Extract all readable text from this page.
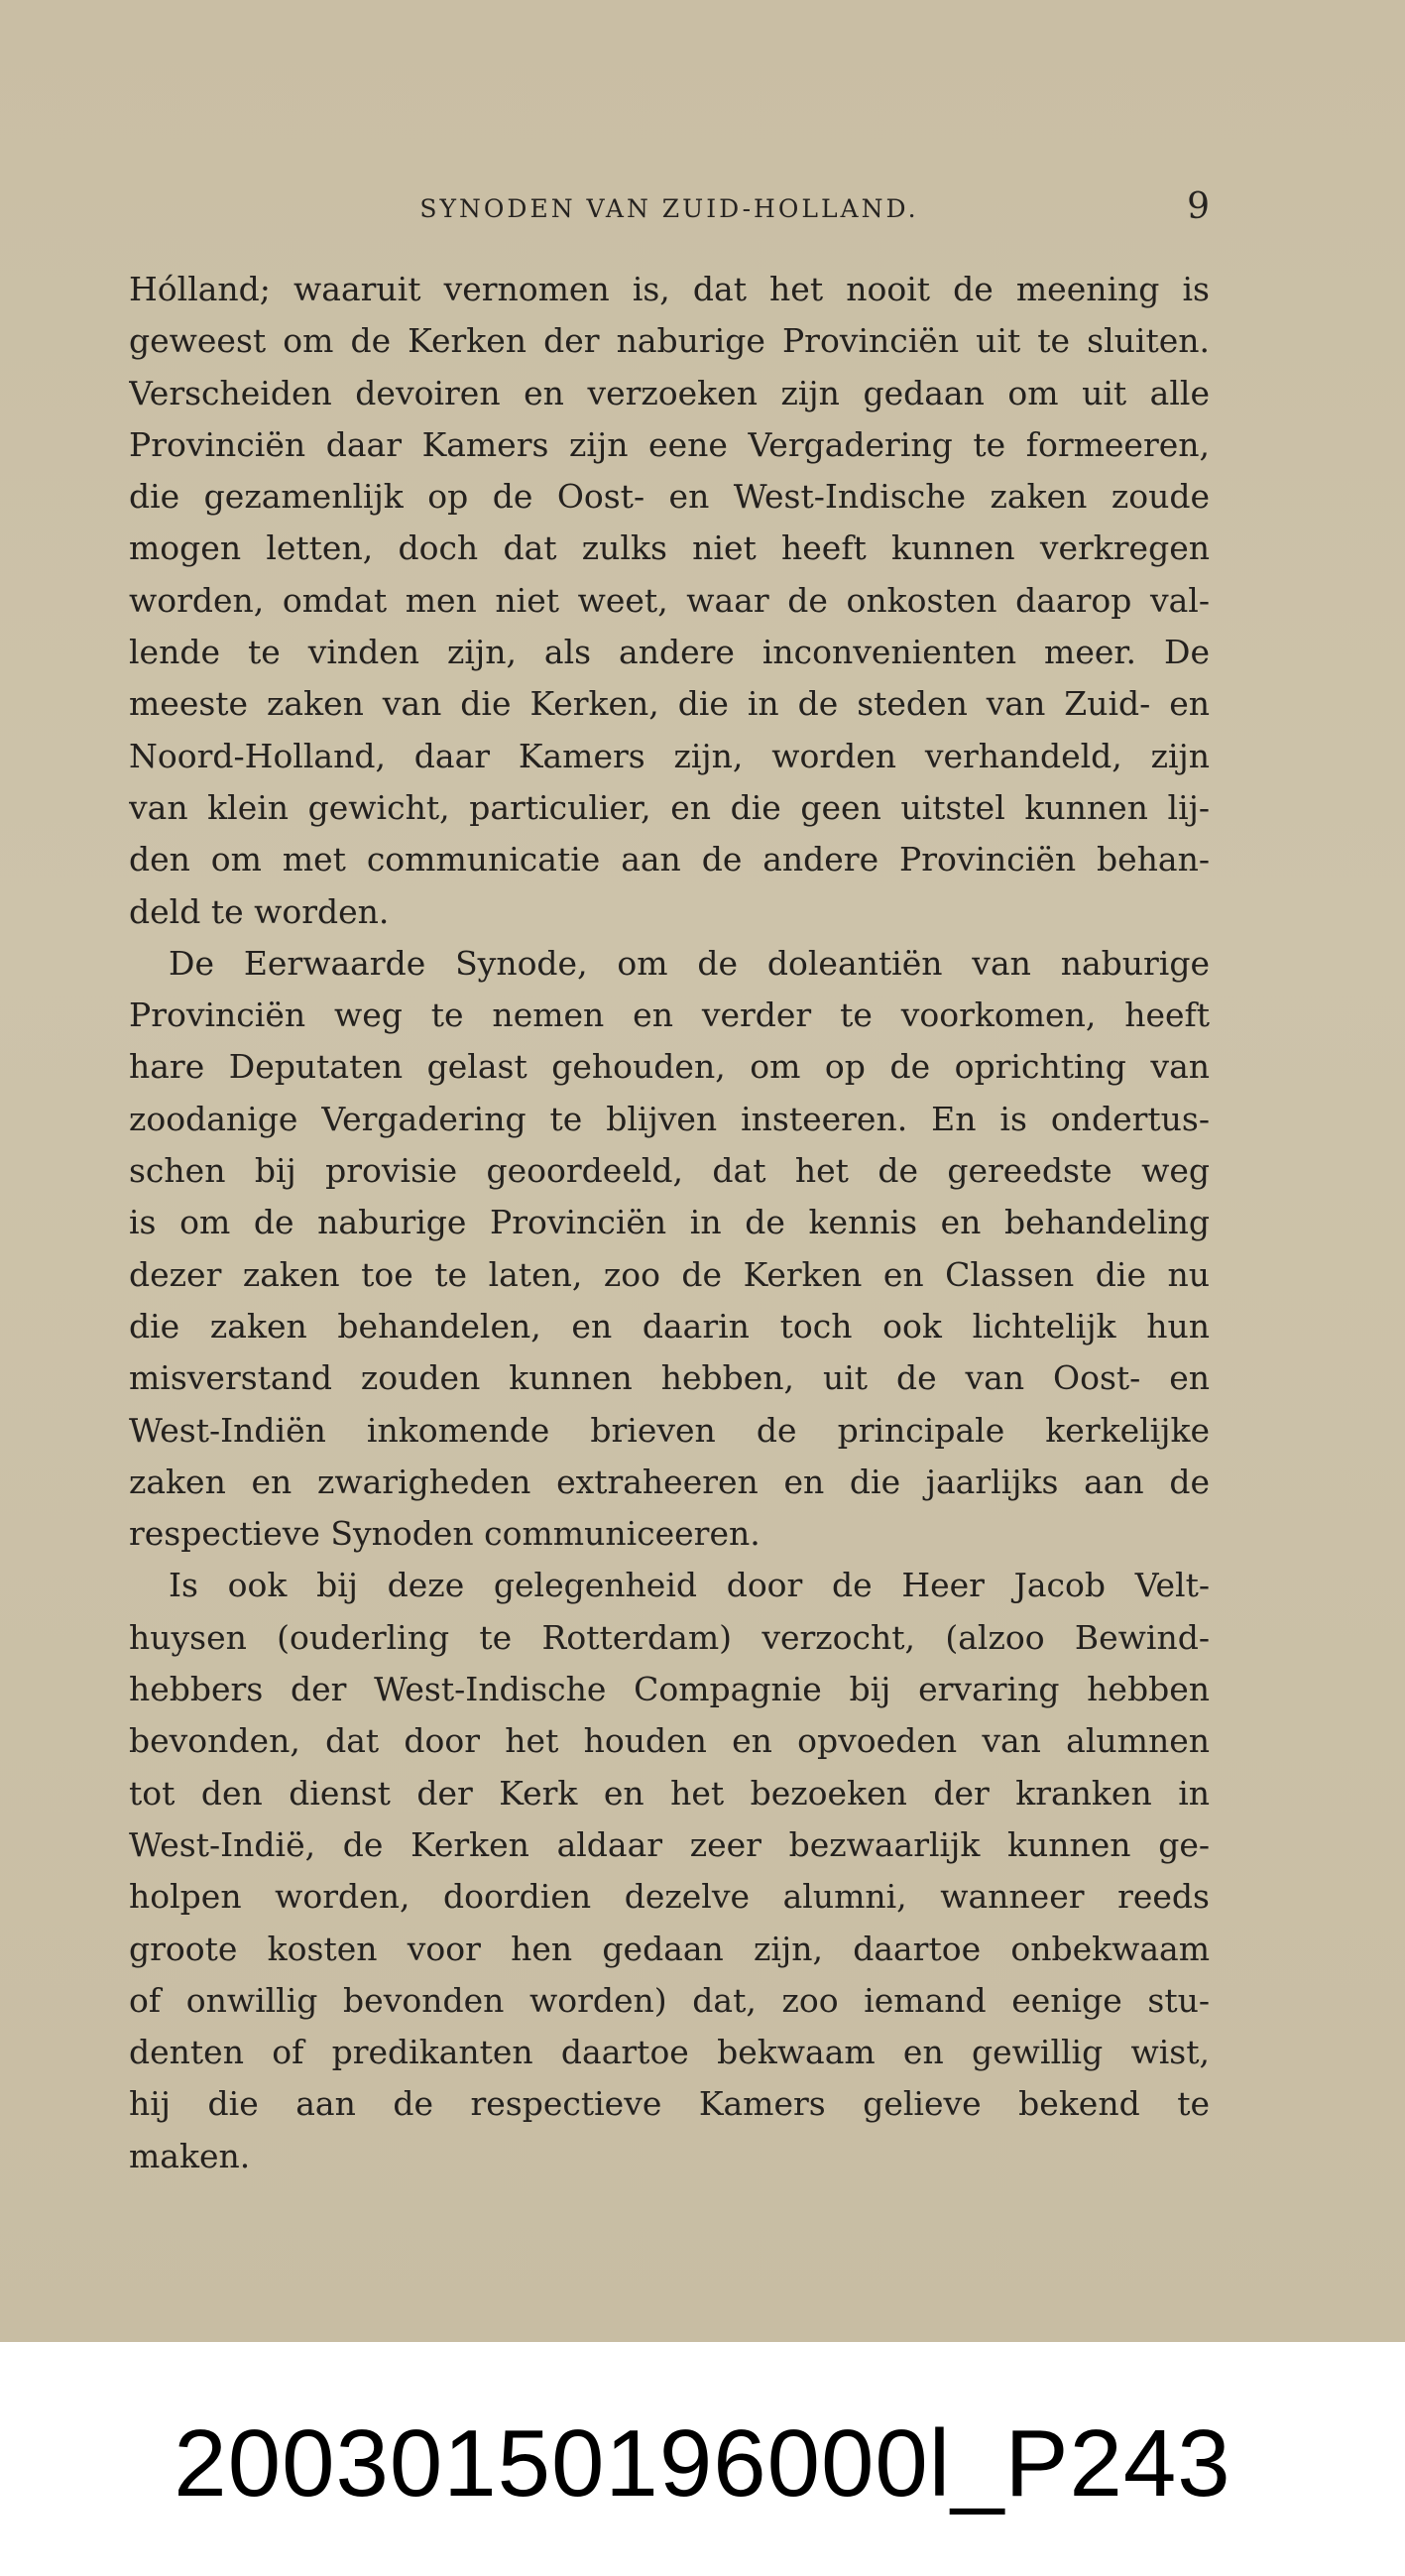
SYNODEN VAN ZUID-HOLLAND.	9
Hólland; waaruit vernomen is, dat het nooit de meening is
geweest om de Kerken der naburige Provinciën uit te sluiten.
Verscheiden devoiren en verzoeken zijn gedaan om uit alle
Provinciën daar Kamers zijn eene Vergadering te formeeren,
die gezamenlijk op de Oost- en West-Indische zaken zoude
mogen letten, doch dat zulks niet heeft kunnen verkregen
worden, omdat men niet weet, waar de onkosten daarop val-
lende te vinden zijn, als andere inconvenienten meer. De
meeste zaken van die Kerken, die in de steden van Zuid- en
Noord-Holland, daar Kamers zijn, worden verhandeld, zijn
van klein gewicht, particulier, en die geen uitstel kunnen lij-
den om met communicatie aan de andere Provinciën behan-
deld te worden.
De Eerwaarde Synode, om de doleantiën van naburige
Provinciën weg te nemen en verder te voorkomen, heeft
hare Deputaten gelast gehouden, om op de oprichting van
zoodanige Vergadering te blijven insteeren. En is ondertus-
schen bij provisie geoordeeld, dat het de gereedste weg
is om de naburige Provinciën in de kennis en behandeling
dezer zaken toe te laten, zoo de Kerken en Classen die nu
die zaken behandelen, en daarin toch ook lichtelijk hun
misverstand zouden kunnen hebben, uit de van Oost- en
West-Indiën inkomende brieven de principale kerkelijke
zaken en zwarigheden extraheeren en die jaarlijks aan de
respectieve Synoden communiceeren.
Is ook bij deze gelegenheid door de Heer Jacob Velt-
huysen (ouderling te Rotterdam) verzocht, (alzoo Bewind-
hebbers der West-Indische Compagnie bij ervaring hebben
bevonden, dat door het houden en opvoeden van alumnen
tot den dienst der Kerk en het bezoeken der kranken in
West-Indië, de Kerken aldaar zeer bezwaarlijk kunnen ge-
holpen worden, doordien dezelve alumni, wanneer reeds
groote kosten voor hen gedaan zijn, daartoe onbekwaam
of onwillig bevonden worden) dat, zoo iemand eenige stu-
denten of predikanten daartoe bekwaam en gewillig wist,
hij die aan de respectieve Kamers gelieve bekend te
maken.
20030150196000l_P243
